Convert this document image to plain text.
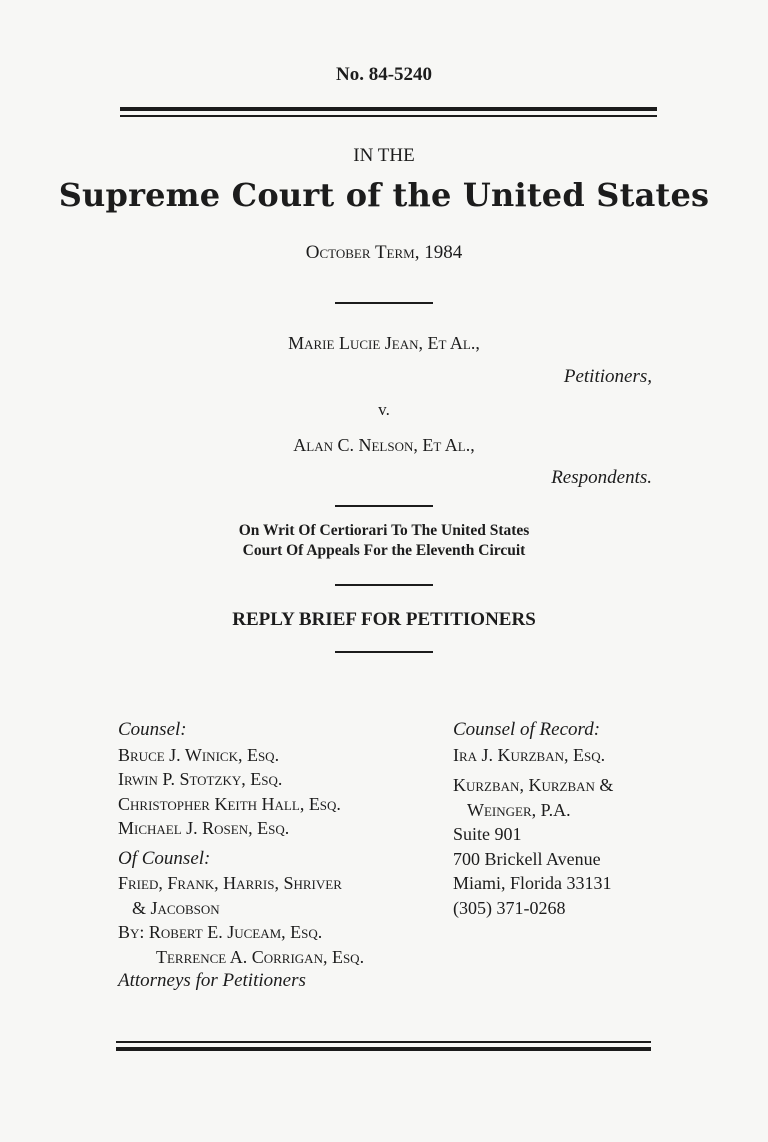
No. 84-5240
IN THE
Supreme Court of the United States
October Term, 1984
Marie Lucie Jean, Et Al.,
Petitioners,
v.
Alan C. Nelson, Et Al.,
Respondents.
On Writ Of Certiorari To The United States
Court Of Appeals For the Eleventh Circuit
REPLY BRIEF FOR PETITIONERS
Counsel:
Bruce J. Winick, Esq.
Irwin P. Stotzky, Esq.
Christopher Keith Hall, Esq.
Michael J. Rosen, Esq.
Of Counsel:
Fried, Frank, Harris, Shriver
& Jacobson
By: Robert E. Juceam, Esq.
Terrence A. Corrigan, Esq.
Attorneys for Petitioners
Counsel of Record:
Ira J. Kurzban, Esq.
Kurzban, Kurzban &
Weinger, P.A.
Suite 901
700 Brickell Avenue
Miami, Florida 33131
(305) 371-0268
